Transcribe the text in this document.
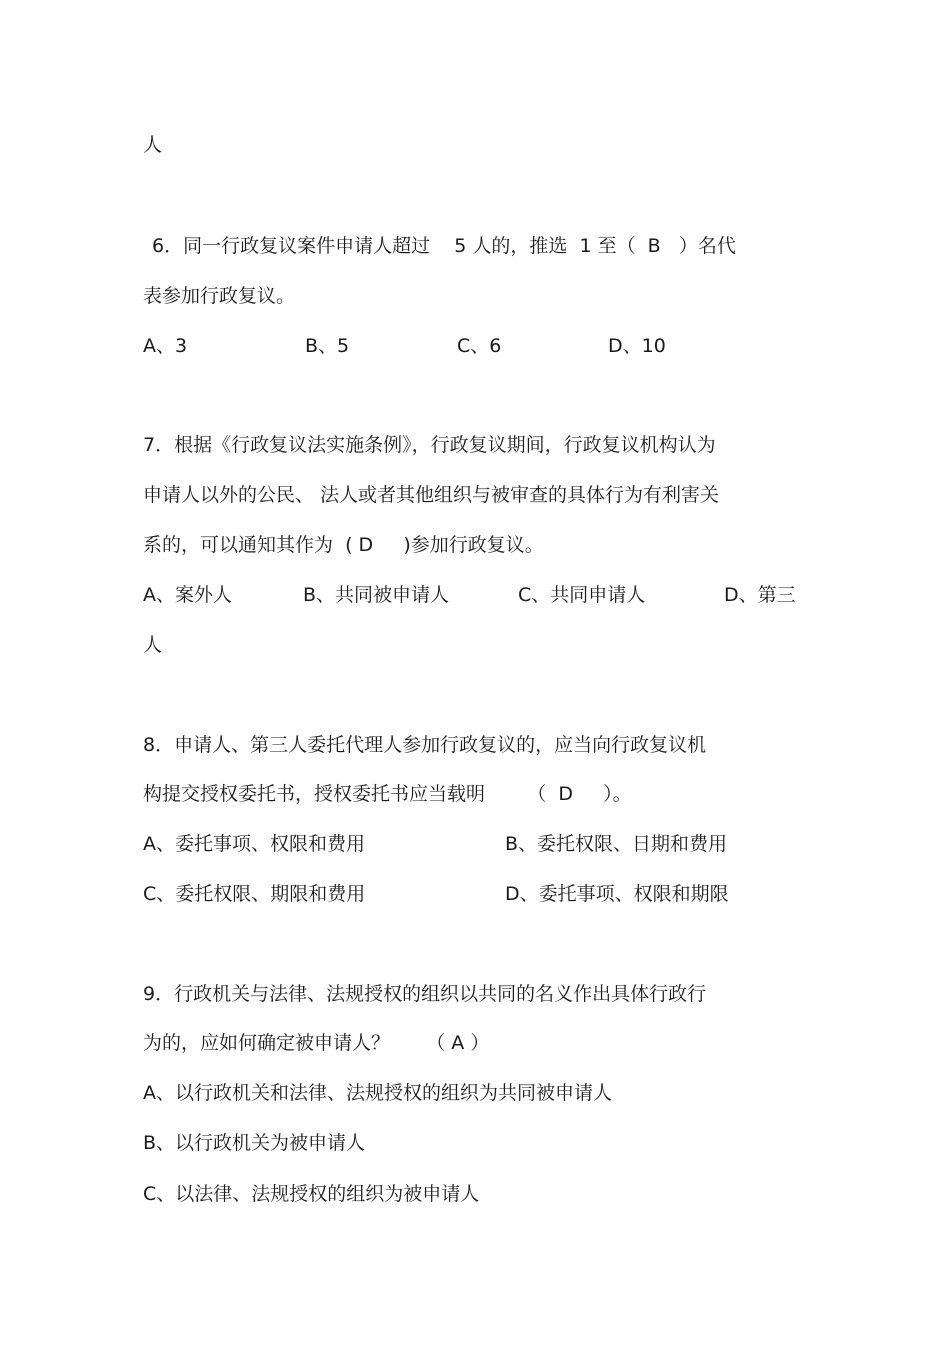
人

6．同一行政复议案件申请人超过    5 人的，推选  1 至（  B   ）名代

表参加行政复议。

A、3	B、5	C、6	D、10

7．根据《行政复议法实施条例》，行政复议期间，行政复议机构认为

申请人以外的公民、 法人或者其他组织与被审查的具体行为有利害关

系的，可以通知其作为  ( D     )参加行政复议。

A、案外人	B、共同被申请人	C、共同申请人	D、第三

人

8．申请人、第三人委托代理人参加行政复议的，应当向行政复议机

构提交授权委托书，授权委托书应当载明       （  D     ）。

A、委托事项、权限和费用	B、委托权限、日期和费用

C、委托权限、期限和费用	D、委托事项、权限和期限

9．行政机关与法律、法规授权的组织以共同的名义作出具体行政行

为的，应如何确定被申请人？      （ A ）

A、以行政机关和法律、法规授权的组织为共同被申请人

B、以行政机关为被申请人

C、以法律、法规授权的组织为被申请人
